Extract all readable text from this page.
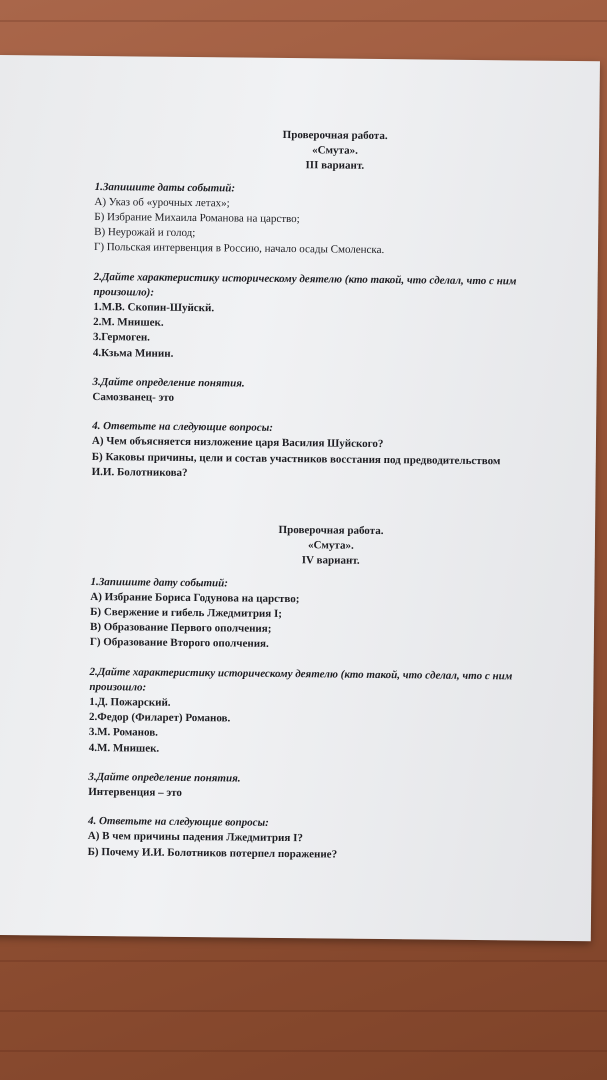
Проверочная работа.
«Смута».
III вариант.
1.Запишите даты событий:
А) Указ об «урочных летах»;
Б) Избрание Михаила Романова на царство;
В) Неурожай и голод;
Г) Польская интервенция в Россию, начало осады Смоленска.
2.Дайте характеристику историческому деятелю (кто такой, что сделал, что с ним
произошло):
1.М.В. Скопин-Шуйскй.
2.М. Мнишек.
3.Гермоген.
4.Кзьма Минин.
3.Дайте определение понятия.
Самозванец- это
4. Ответьте на следующие вопросы:
А) Чем объясняется низложение царя Василия Шуйского?
Б) Каковы причины, цели и состав участников восстания под предводительством
И.И. Болотникова?
Проверочная работа.
«Смута».
IV вариант.
1.Запишите дату событий:
А) Избрание Бориса Годунова на царство;
Б) Свержение и гибель Лжедмитрия I;
В) Образование Первого ополчения;
Г) Образование Второго ополчения.
2.Дайте характеристику историческому деятелю (кто такой, что сделал, что с ним
произошло:
1.Д. Пожарский.
2.Федор (Филарет) Романов.
3.М. Романов.
4.М. Мнишек.
3.Дайте определение понятия.
Интервенция – это
4. Ответьте на следующие вопросы:
А) В чем причины падения Лжедмитрия I?
Б) Почему И.И. Болотников потерпел поражение?
